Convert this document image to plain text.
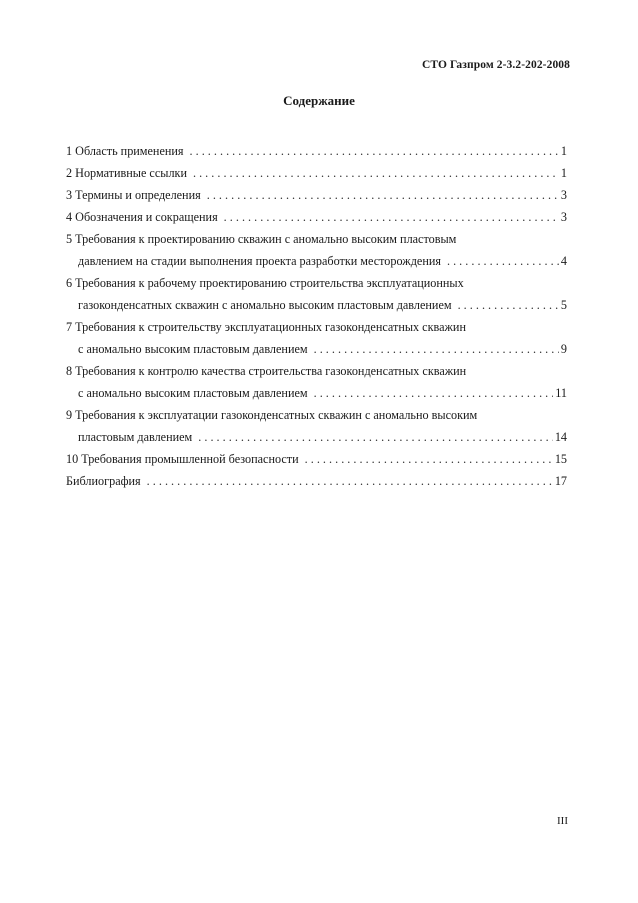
СТО Газпром 2-3.2-202-2008
Содержание
1 Область применения . . .	1
2 Нормативные ссылки . . .	1
3 Термины и определения . . .	3
4 Обозначения и сокращения . . .	3
5 Требования к проектированию скважин с аномально высоким пластовым
давлением на стадии выполнения проекта разработки месторождения . . .	4
6 Требования к рабочему проектированию строительства эксплуатационных
газоконденсатных скважин с аномально высоким пластовым давлением . . .	5
7 Требования к строительству эксплуатационных газоконденсатных скважин
с аномально высоким пластовым давлением . . .	9
8 Требования к контролю качества строительства газоконденсатных скважин
с аномально высоким пластовым давлением . . .	11
9 Требования к эксплуатации газоконденсатных скважин с аномально высоким
пластовым давлением . . .	14
10 Требования промышленной безопасности . . .	15
Библиография . . .	17
III
